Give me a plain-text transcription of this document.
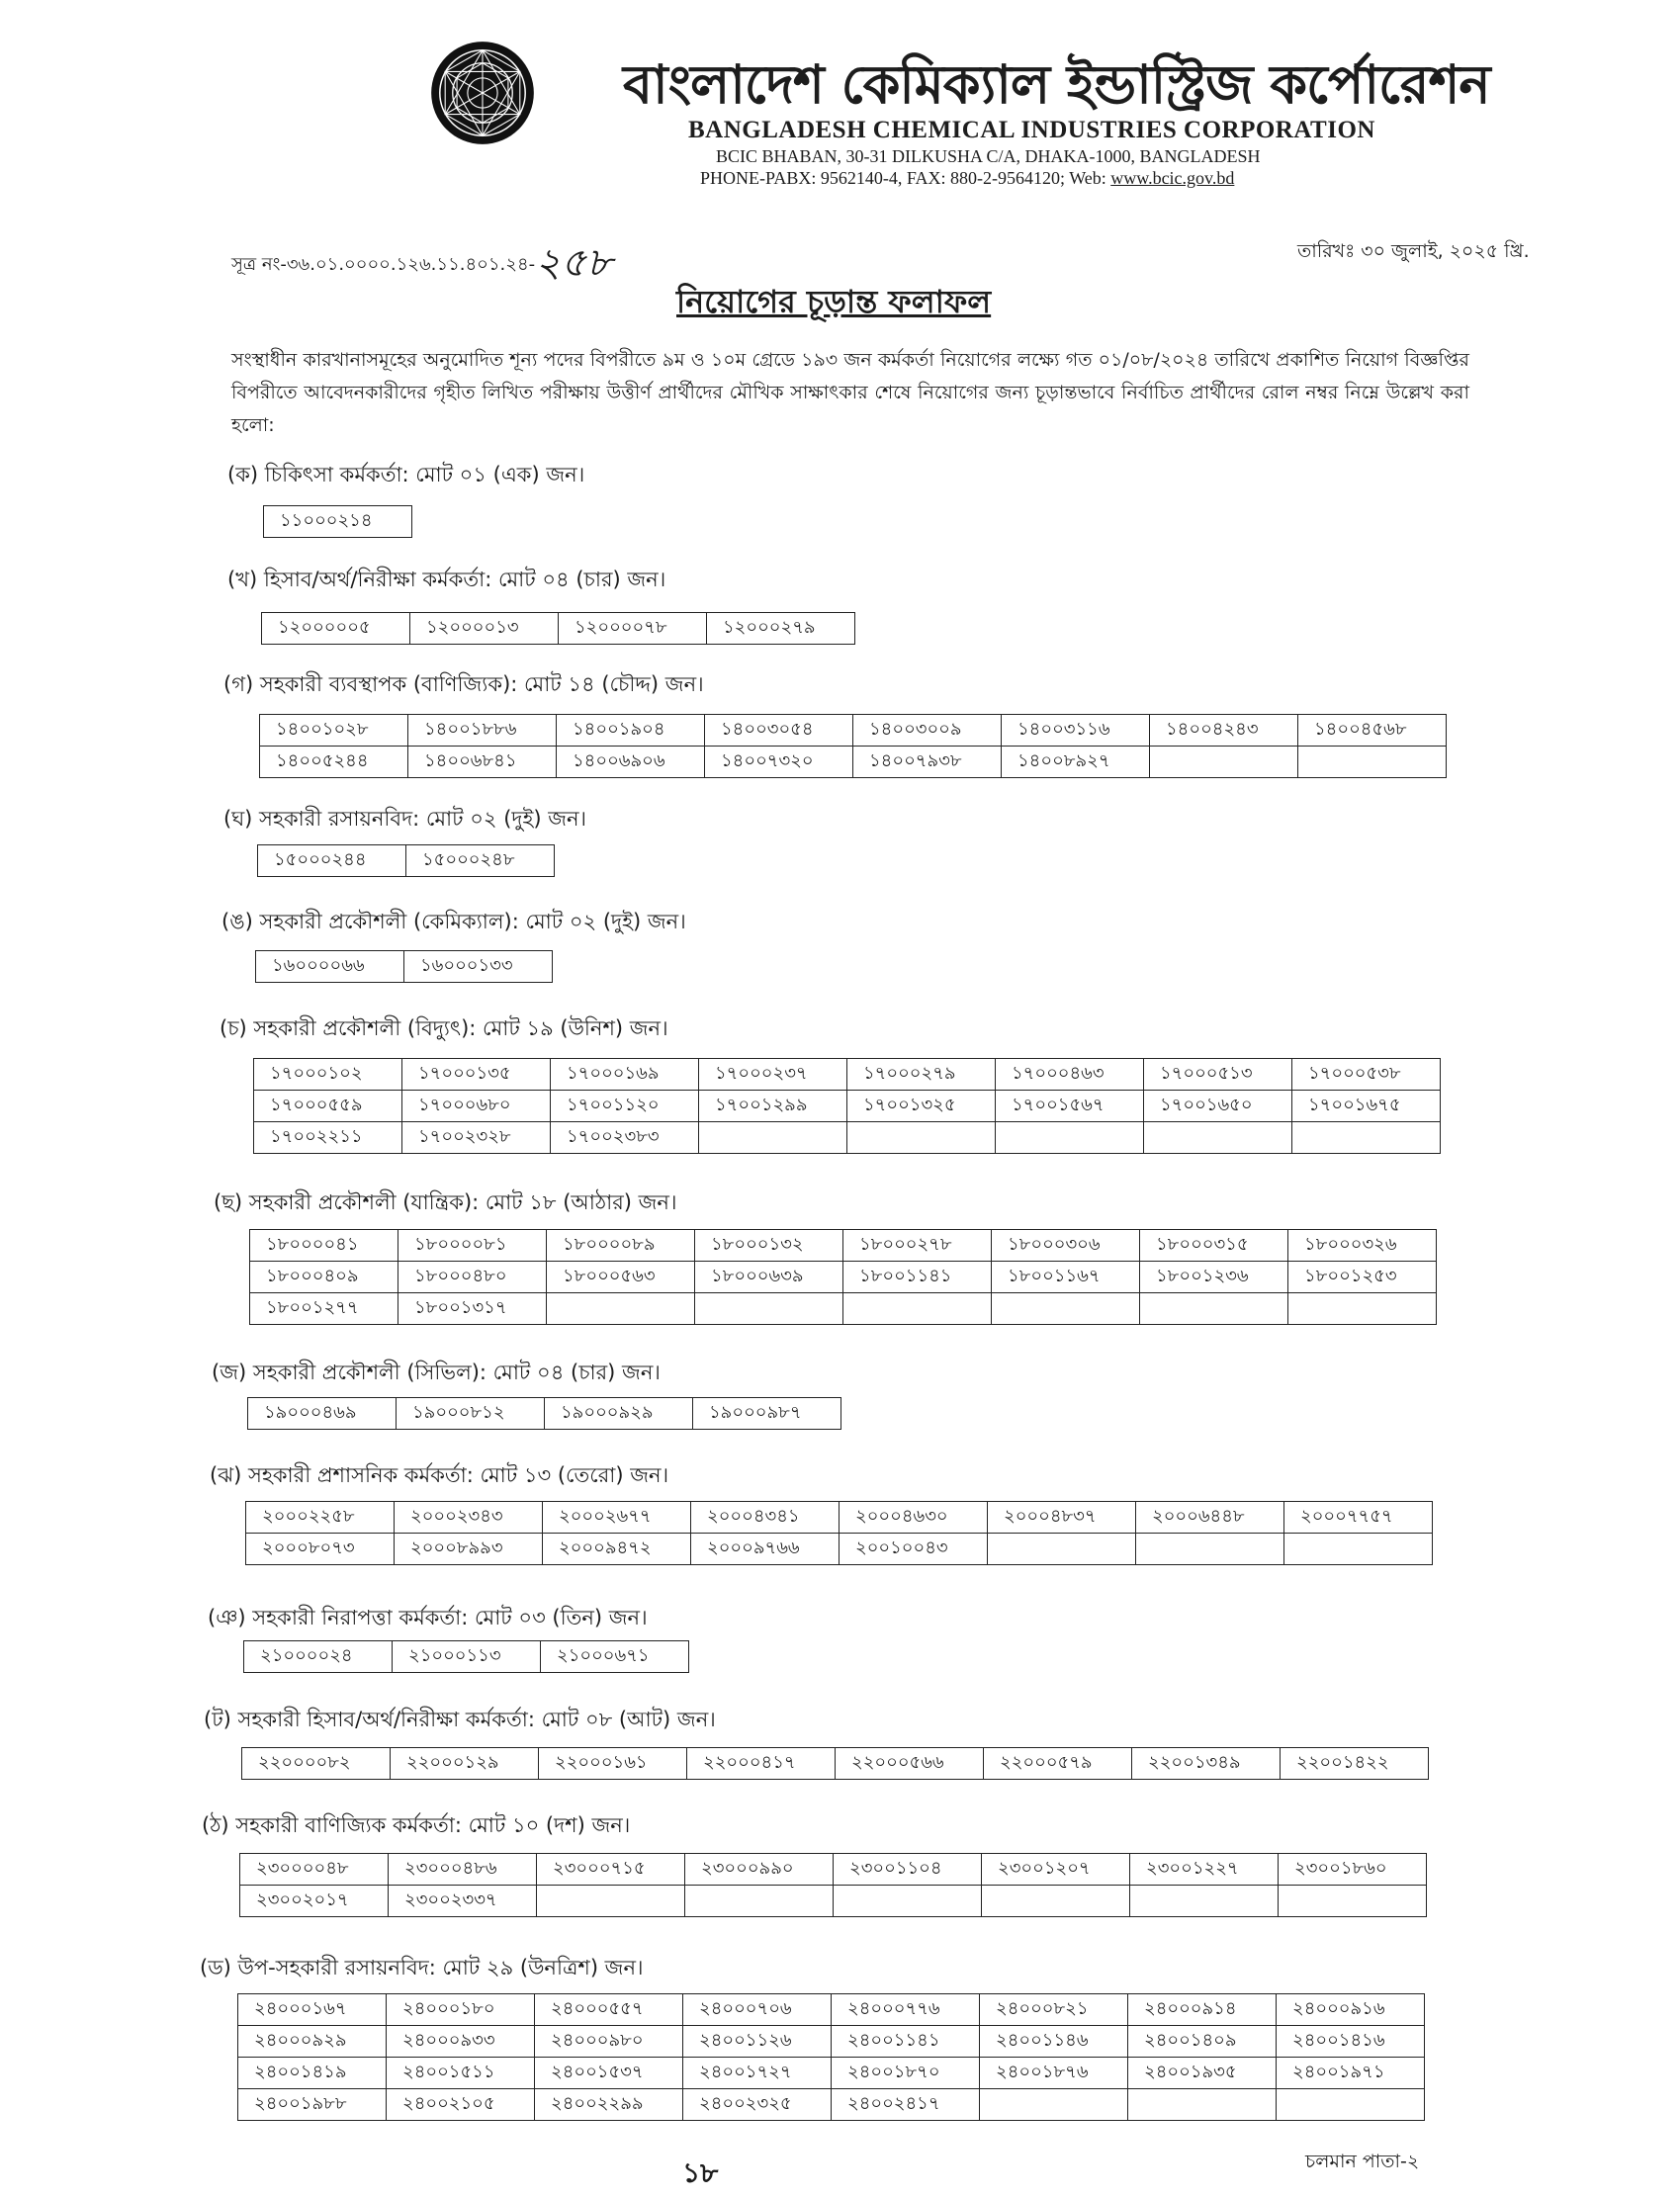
বাংলাদেশ কেমিক্যাল ইন্ডাস্ট্রিজ কর্পোরেশন
BANGLADESH CHEMICAL INDUSTRIES CORPORATION
BCIC BHABAN, 30-31 DILKUSHA C/A, DHAKA-1000, BANGLADESH
PHONE-PABX: 9562140-4, FAX: 880-2-9564120; Web: www.bcic.gov.bd
সূত্র নং-৩৬.০১.০০০০.১২৬.১১.৪০১.২৪-২৫৮	তারিখঃ ৩০ জুলাই, ২০২৫ খ্রি.
নিয়োগের চূড়ান্ত ফলাফল
সংস্থাধীন কারখানাসমূহের অনুমোদিত শূন্য পদের বিপরীতে ৯ম ও ১০ম গ্রেডে ১৯৩ জন কর্মকর্তা নিয়োগের লক্ষ্যে গত ০১/০৮/২০২৪ তারিখে প্রকাশিত নিয়োগ বিজ্ঞপ্তির বিপরীতে আবেদনকারীদের গৃহীত লিখিত পরীক্ষায় উত্তীর্ণ প্রার্থীদের মৌখিক সাক্ষাৎকার শেষে নিয়োগের জন্য চূড়ান্তভাবে নির্বাচিত প্রার্থীদের রোল নম্বর নিম্নে উল্লেখ করা হলো:
(ক) চিকিৎসা কর্মকর্তা: মোট ০১ (এক) জন।
১১০০০২১৪
(খ) হিসাব/অর্থ/নিরীক্ষা কর্মকর্তা: মোট ০৪ (চার) জন।
১২০০০০০৫	১২০০০০১৩	১২০০০০৭৮	১২০০০২৭৯
(গ) সহকারী ব্যবস্থাপক (বাণিজ্যিক): মোট ১৪ (চৌদ্দ) জন।
১৪০০১০২৮	১৪০০১৮৮৬	১৪০০১৯০৪	১৪০০৩০৫৪	১৪০০৩০০৯	১৪০০৩১১৬	১৪০০৪২৪৩	১৪০০৪৫৬৮
১৪০০৫২৪৪	১৪০০৬৮৪১	১৪০০৬৯০৬	১৪০০৭৩২০	১৪০০৭৯৩৮	১৪০০৮৯২৭		
(ঘ) সহকারী রসায়নবিদ: মোট ০২ (দুই) জন।
১৫০০০২৪৪	১৫০০০২৪৮
(ঙ) সহকারী প্রকৌশলী (কেমিক্যাল): মোট ০২ (দুই) জন।
১৬০০০০৬৬	১৬০০০১৩৩
(চ) সহকারী প্রকৌশলী (বিদ্যুৎ): মোট ১৯ (উনিশ) জন।
১৭০০০১০২	১৭০০০১৩৫	১৭০০০১৬৯	১৭০০০২৩৭	১৭০০০২৭৯	১৭০০০৪৬৩	১৭০০০৫১৩	১৭০০০৫৩৮
১৭০০০৫৫৯	১৭০০০৬৮০	১৭০০১১২০	১৭০০১২৯৯	১৭০০১৩২৫	১৭০০১৫৬৭	১৭০০১৬৫০	১৭০০১৬৭৫
১৭০০২২১১	১৭০০২৩২৮	১৭০০২৩৮৩					
(ছ) সহকারী প্রকৌশলী (যান্ত্রিক): মোট ১৮ (আঠার) জন।
১৮০০০০৪১	১৮০০০০৮১	১৮০০০০৮৯	১৮০০০১৩২	১৮০০০২৭৮	১৮০০০৩০৬	১৮০০০৩১৫	১৮০০০৩২৬
১৮০০০৪০৯	১৮০০০৪৮০	১৮০০০৫৬৩	১৮০০০৬৩৯	১৮০০১১৪১	১৮০০১১৬৭	১৮০০১২৩৬	১৮০০১২৫৩
১৮০০১২৭৭	১৮০০১৩১৭						
(জ) সহকারী প্রকৌশলী (সিভিল): মোট ০৪ (চার) জন।
১৯০০০৪৬৯	১৯০০০৮১২	১৯০০০৯২৯	১৯০০০৯৮৭
(ঝ) সহকারী প্রশাসনিক কর্মকর্তা: মোট ১৩ (তেরো) জন।
২০০০২২৫৮	২০০০২৩৪৩	২০০০২৬৭৭	২০০০৪৩৪১	২০০০৪৬৩০	২০০০৪৮৩৭	২০০০৬৪৪৮	২০০০৭৭৫৭
২০০০৮০৭৩	২০০০৮৯৯৩	২০০০৯৪৭২	২০০০৯৭৬৬	২০০১০০৪৩			
(ঞ) সহকারী নিরাপত্তা কর্মকর্তা: মোট ০৩ (তিন) জন।
২১০০০০২৪	২১০০০১১৩	২১০০০৬৭১
(ট) সহকারী হিসাব/অর্থ/নিরীক্ষা কর্মকর্তা: মোট ০৮ (আট) জন।
২২০০০০৮২	২২০০০১২৯	২২০০০১৬১	২২০০০৪১৭	২২০০০৫৬৬	২২০০০৫৭৯	২২০০১৩৪৯	২২০০১৪২২
(ঠ) সহকারী বাণিজ্যিক কর্মকর্তা: মোট ১০ (দশ) জন।
২৩০০০০৪৮	২৩০০০৪৮৬	২৩০০০৭১৫	২৩০০০৯৯০	২৩০০১১০৪	২৩০০১২০৭	২৩০০১২২৭	২৩০০১৮৬০
২৩০০২০১৭	২৩০০২৩৩৭						
(ড) উপ-সহকারী রসায়নবিদ: মোট ২৯ (উনত্রিশ) জন।
২৪০০০১৬৭	২৪০০০১৮০	২৪০০০৫৫৭	২৪০০০৭০৬	২৪০০০৭৭৬	২৪০০০৮২১	২৪০০০৯১৪	২৪০০০৯১৬
২৪০০০৯২৯	২৪০০০৯৩৩	২৪০০০৯৮০	২৪০০১১২৬	২৪০০১১৪১	২৪০০১১৪৬	২৪০০১৪০৯	২৪০০১৪১৬
২৪০০১৪১৯	২৪০০১৫১১	২৪০০১৫৩৭	২৪০০১৭২৭	২৪০০১৮৭০	২৪০০১৮৭৬	২৪০০১৯৩৫	২৪০০১৯৭১
২৪০০১৯৮৮	২৪০০২১০৫	২৪০০২২৯৯	২৪০০২৩২৫	২৪০০২৪১৭			
১৮	চলমান পাতা-২
